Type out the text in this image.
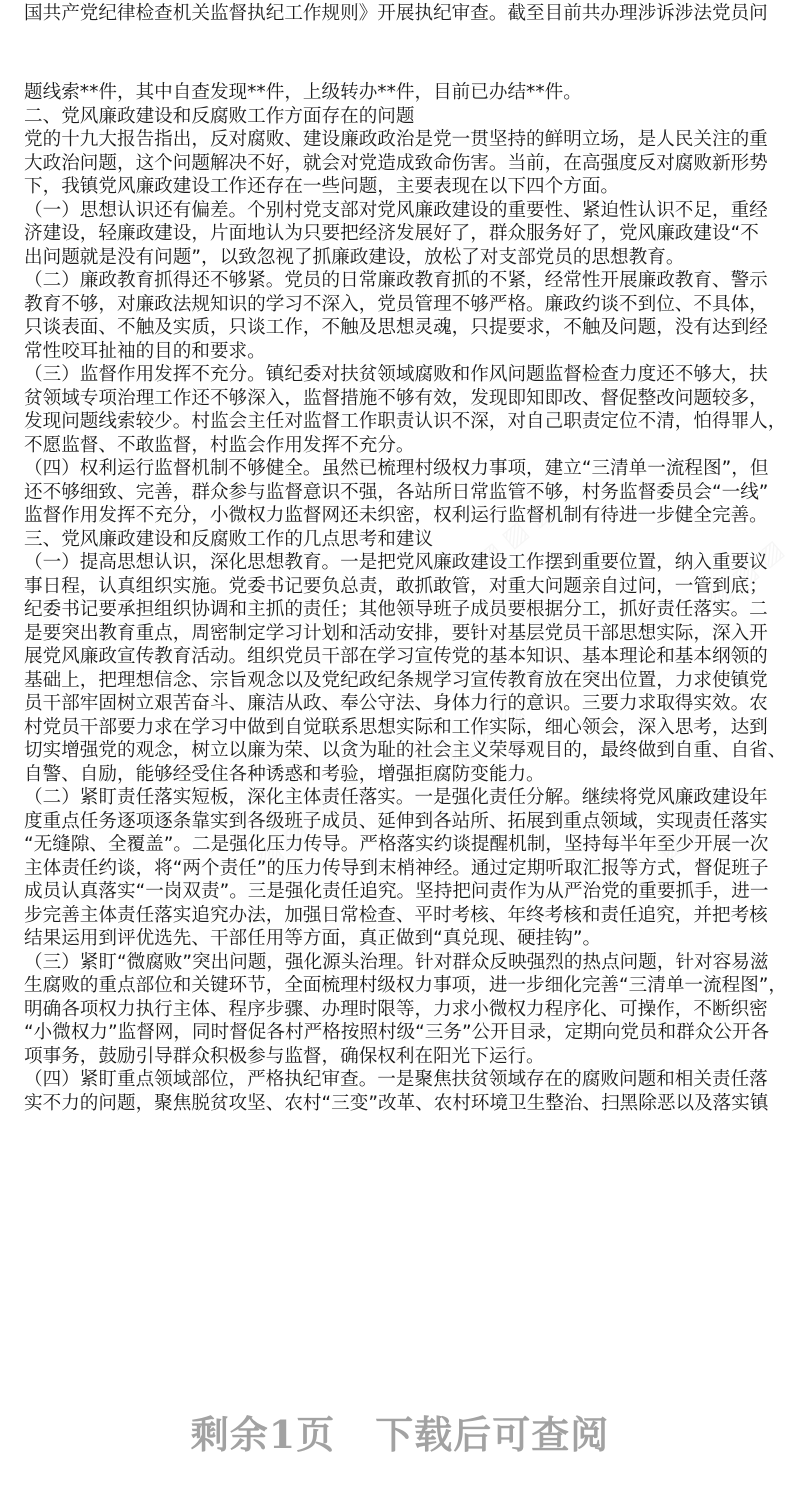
国共产党纪律检查机关监督执纪工作规则》开展执纪审查。截至目前共办理涉诉涉法党员问
题线索**件，其中自查发现**件，上级转办**件，目前已办结**件。
二、党风廉政建设和反腐败工作方面存在的问题
党的十九大报告指出，反对腐败、建设廉政政治是党一贯坚持的鲜明立场，是人民关注的重
大政治问题，这个问题解决不好，就会对党造成致命伤害。当前，在高强度反对腐败新形势
下，我镇党风廉政建设工作还存在一些问题，主要表现在以下四个方面。
（一）思想认识还有偏差。个别村党支部对党风廉政建设的重要性、紧迫性认识不足，重经
济建设，轻廉政建设，片面地认为只要把经济发展好了，群众服务好了，党风廉政建设“不
出问题就是没有问题”，以致忽视了抓廉政建设，放松了对支部党员的思想教育。
（二）廉政教育抓得还不够紧。党员的日常廉政教育抓的不紧，经常性开展廉政教育、警示
教育不够，对廉政法规知识的学习不深入，党员管理不够严格。廉政约谈不到位、不具体，
只谈表面、不触及实质，只谈工作，不触及思想灵魂，只提要求，不触及问题，没有达到经
常性咬耳扯袖的目的和要求。
（三）监督作用发挥不充分。镇纪委对扶贫领域腐败和作风问题监督检查力度还不够大，扶
贫领域专项治理工作还不够深入，监督措施不够有效，发现即知即改、督促整改问题较多，
发现问题线索较少。村监会主任对监督工作职责认识不深，对自己职责定位不清，怕得罪人，
不愿监督、不敢监督，村监会作用发挥不充分。
（四）权利运行监督机制不够健全。虽然已梳理村级权力事项，建立“三清单一流程图”，但
还不够细致、完善，群众参与监督意识不强，各站所日常监管不够，村务监督委员会“一线”
监督作用发挥不充分，小微权力监督网还未织密，权利运行监督机制有待进一步健全完善。
三、党风廉政建设和反腐败工作的几点思考和建议
（一）提高思想认识，深化思想教育。一是把党风廉政建设工作摆到重要位置，纳入重要议
事日程，认真组织实施。党委书记要负总责，敢抓敢管，对重大问题亲自过问，一管到底；
纪委书记要承担组织协调和主抓的责任；其他领导班子成员要根据分工，抓好责任落实。二
是要突出教育重点，周密制定学习计划和活动安排，要针对基层党员干部思想实际，深入开
展党风廉政宣传教育活动。组织党员干部在学习宣传党的基本知识、基本理论和基本纲领的
基础上，把理想信念、宗旨观念以及党纪政纪条规学习宣传教育放在突出位置，力求使镇党
员干部牢固树立艰苦奋斗、廉洁从政、奉公守法、身体力行的意识。三要力求取得实效。农
村党员干部要力求在学习中做到自觉联系思想实际和工作实际，细心领会，深入思考，达到
切实增强党的观念，树立以廉为荣、以贪为耻的社会主义荣辱观目的，最终做到自重、自省、
自警、自励，能够经受住各种诱惑和考验，增强拒腐防变能力。
（二）紧盯责任落实短板，深化主体责任落实。一是强化责任分解。继续将党风廉政建设年
度重点任务逐项逐条靠实到各级班子成员、延伸到各站所、拓展到重点领域，实现责任落实
“无缝隙、全覆盖”。二是强化压力传导。严格落实约谈提醒机制，坚持每半年至少开展一次
主体责任约谈，将“两个责任”的压力传导到末梢神经。通过定期听取汇报等方式，督促班子
成员认真落实“一岗双责”。三是强化责任追究。坚持把问责作为从严治党的重要抓手，进一
步完善主体责任落实追究办法，加强日常检查、平时考核、年终考核和责任追究，并把考核
结果运用到评优选先、干部任用等方面，真正做到“真兑现、硬挂钩”。
（三）紧盯“微腐败”突出问题，强化源头治理。针对群众反映强烈的热点问题，针对容易滋
生腐败的重点部位和关键环节，全面梳理村级权力事项，进一步细化完善“三清单一流程图”，
明确各项权力执行主体、程序步骤、办理时限等，力求小微权力程序化、可操作，不断织密
“小微权力”监督网，同时督促各村严格按照村级“三务”公开目录，定期向党员和群众公开各
项事务，鼓励引导群众积极参与监督，确保权利在阳光下运行。
（四）紧盯重点领域部位，严格执纪审查。一是聚焦扶贫领域存在的腐败问题和相关责任落
实不力的问题，聚焦脱贫攻坚、农村“三变”改革、农村环境卫生整治、扫黑除恶以及落实镇
剩余1页 下载后可查阅
